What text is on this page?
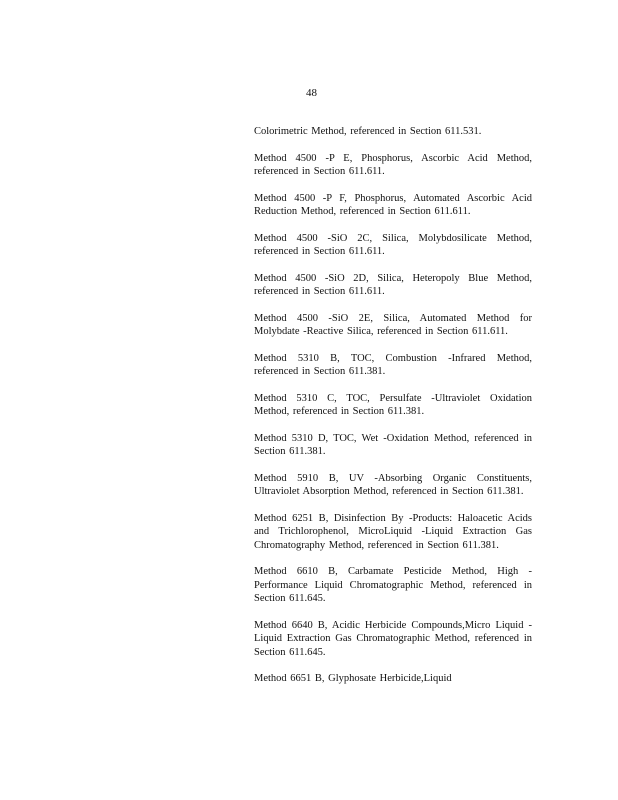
48

Colorimetric Method, referenced in Section 611.531.

Method 4500 -P E, Phosphorus, Ascorbic Acid Method, referenced in Section 611.611.

Method 4500 -P F, Phosphorus, Automated Ascorbic Acid Reduction Method, referenced in Section 611.611.

Method 4500 -SiO 2C, Silica, Molybdosilicate Method, referenced in Section 611.611.

Method 4500 -SiO 2D, Silica, Heteropoly Blue Method, referenced in Section 611.611.

Method 4500 -SiO 2E, Silica, Automated Method for Molybdate -Reactive Silica, referenced in Section 611.611.

Method 5310 B, TOC, Combustion -Infrared Method, referenced in Section 611.381.

Method 5310 C, TOC, Persulfate -Ultraviolet Oxidation Method, referenced in Section 611.381.

Method 5310 D, TOC, Wet -Oxidation Method, referenced in Section 611.381.

Method 5910 B, UV -Absorbing Organic Constituents, Ultraviolet Absorption Method, referenced in Section 611.381.

Method 6251 B, Disinfection By -Products: Haloacetic Acids and Trichlorophenol, MicroLiquid -Liquid Extraction Gas Chromatography Method, referenced in Section 611.381.

Method 6610 B, Carbamate Pesticide Method, High -Performance Liquid Chromatographic Method, referenced in Section 611.645.

Method 6640 B, Acidic Herbicide Compounds,Micro Liquid -Liquid Extraction Gas Chromatographic Method, referenced in Section 611.645.

Method 6651 B, Glyphosate Herbicide,Liquid
